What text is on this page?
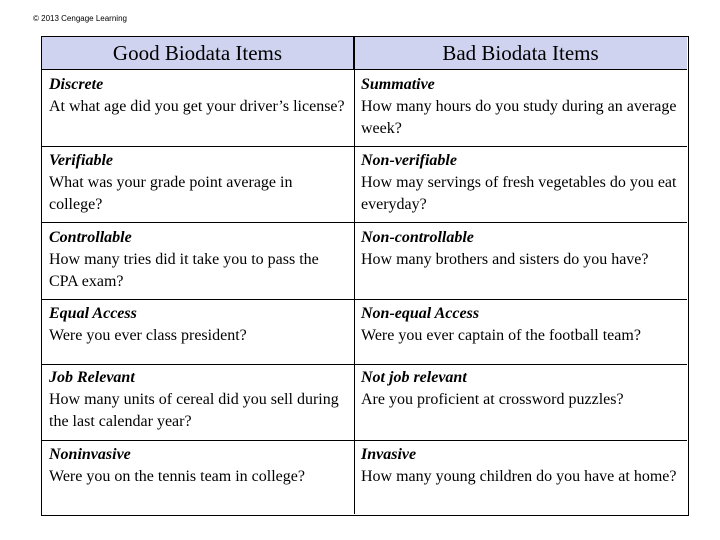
© 2013 Cengage Learning
Good Biodata Items	Bad Biodata Items
Discrete
At what age did you get your driver’s license?
Summative
How many hours do you study during an average week?
Verifiable
What was your grade point average in college?
Non-verifiable
How may servings of fresh vegetables do you eat everyday?
Controllable
How many tries did it take you to pass the CPA exam?
Non-controllable
How many brothers and sisters do you have?
Equal Access
Were you ever class president?
Non-equal Access
Were you ever captain of the football team?
Job Relevant
How many units of cereal did you sell during the last calendar year?
Not job relevant
Are you proficient at crossword puzzles?
Noninvasive
Were you on the tennis team in college?
Invasive
How many young children do you have at home?
